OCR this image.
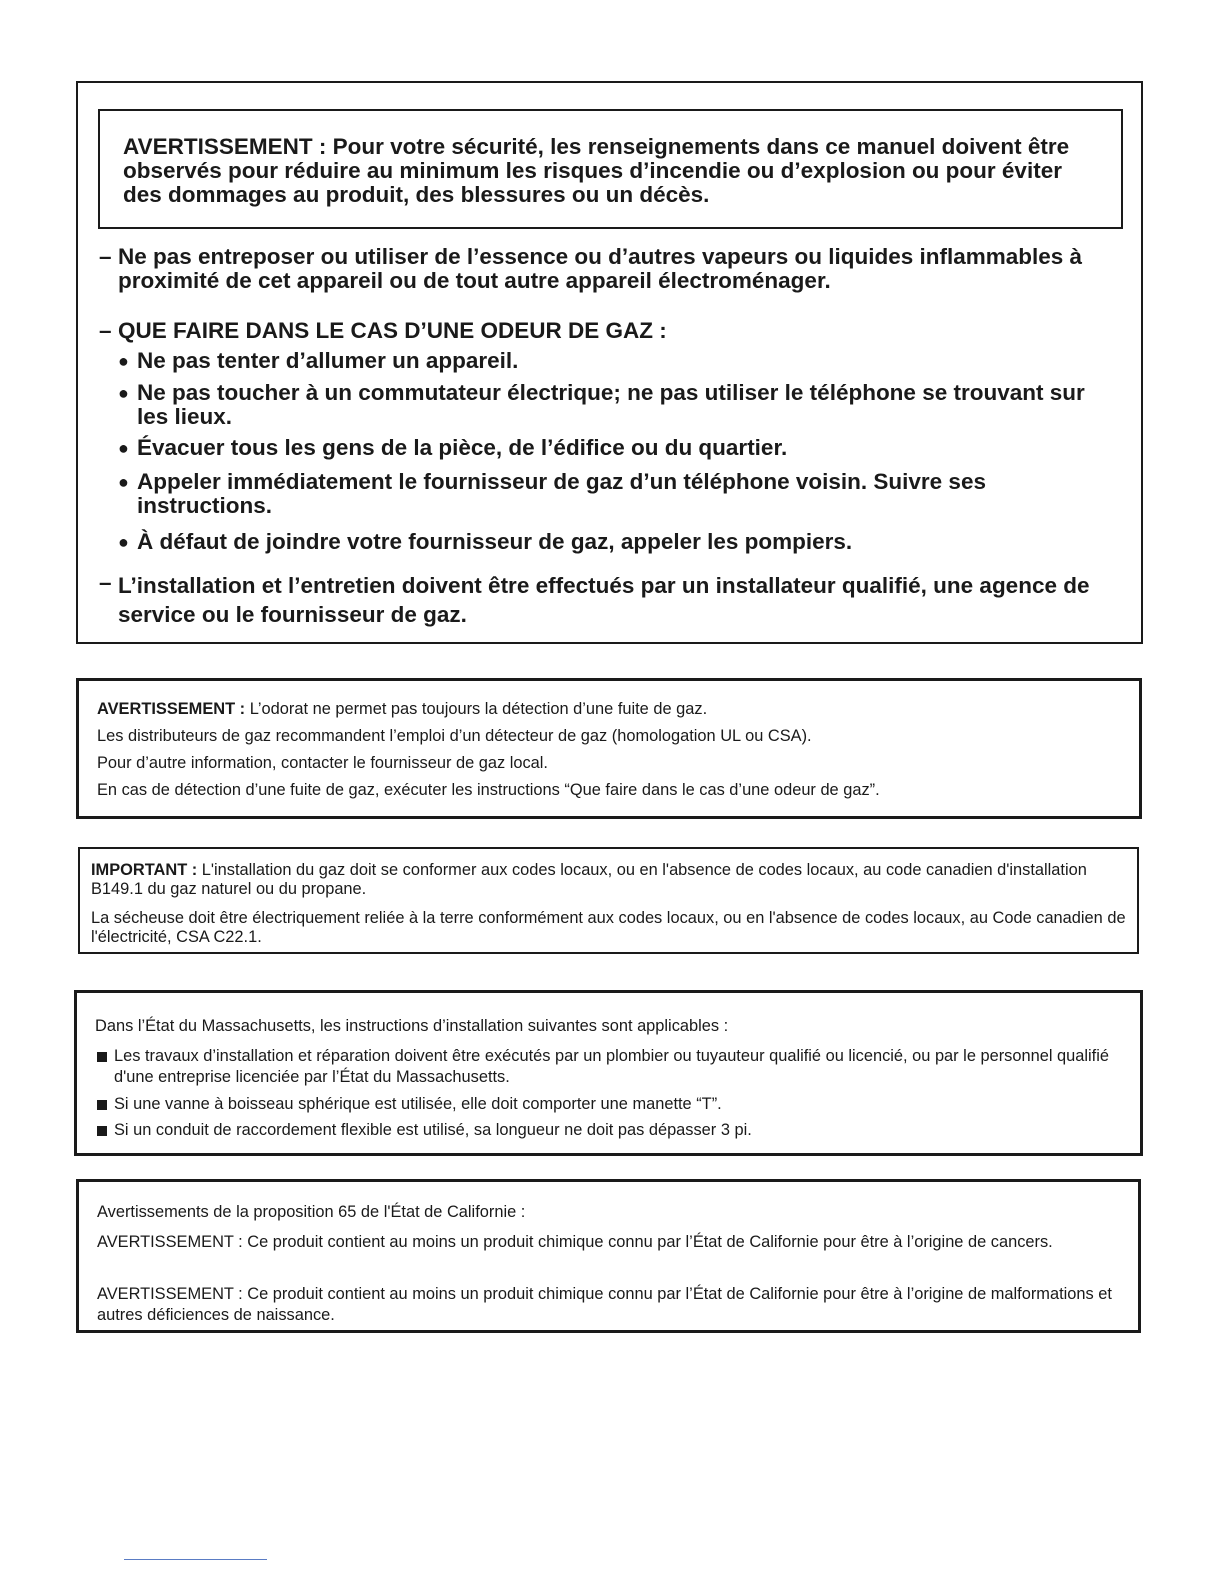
AVERTISSEMENT : Pour votre sécurité, les renseignements dans ce manuel doivent être observés pour réduire au minimum les risques d’incendie ou d’explosion ou pour éviter des dommages au produit, des blessures ou un décès.

– Ne pas entreposer ou utiliser de l’essence ou d’autres vapeurs ou liquides inflammables à proximité de cet appareil ou de tout autre appareil électroménager.

– QUE FAIRE DANS LE CAS D’UNE ODEUR DE GAZ :

● Ne pas tenter d’allumer un appareil.

● Ne pas toucher à un commutateur électrique; ne pas utiliser le téléphone se trouvant sur les lieux.

● Évacuer tous les gens de la pièce, de l’édifice ou du quartier.

● Appeler immédiatement le fournisseur de gaz d’un téléphone voisin. Suivre ses instructions.

● À défaut de joindre votre fournisseur de gaz, appeler les pompiers.

– L’installation et l’entretien doivent être effectués par un installateur qualifié, une agence de service ou le fournisseur de gaz.

AVERTISSEMENT : L’odorat ne permet pas toujours la détection d’une fuite de gaz.

Les distributeurs de gaz recommandent l’emploi d’un détecteur de gaz (homologation UL ou CSA).

Pour d’autre information, contacter le fournisseur de gaz local.

En cas de détection d’une fuite de gaz, exécuter les instructions “Que faire dans le cas d’une odeur de gaz”.

IMPORTANT : L'installation du gaz doit se conformer aux codes locaux, ou en l'absence de codes locaux, au code canadien d'installation B149.1 du gaz naturel ou du propane.

La sécheuse doit être électriquement reliée à la terre conformément aux codes locaux, ou en l'absence de codes locaux, au Code canadien de l'électricité, CSA C22.1.

Dans l’État du Massachusetts, les instructions d’installation suivantes sont applicables :

Les travaux d’installation et réparation doivent être exécutés par un plombier ou tuyauteur qualifié ou licencié, ou par le personnel qualifié d'une entreprise licenciée par l’État du Massachusetts.

Si une vanne à boisseau sphérique est utilisée, elle doit comporter une manette “T”.

Si un conduit de raccordement flexible est utilisé, sa longueur ne doit pas dépasser 3 pi.

Avertissements de la proposition 65 de l'État de Californie :

AVERTISSEMENT : Ce produit contient au moins un produit chimique connu par l’État de Californie pour être à l’origine de cancers.

AVERTISSEMENT : Ce produit contient au moins un produit chimique connu par l’État de Californie pour être à l’origine de malformations et autres déficiences de naissance.
